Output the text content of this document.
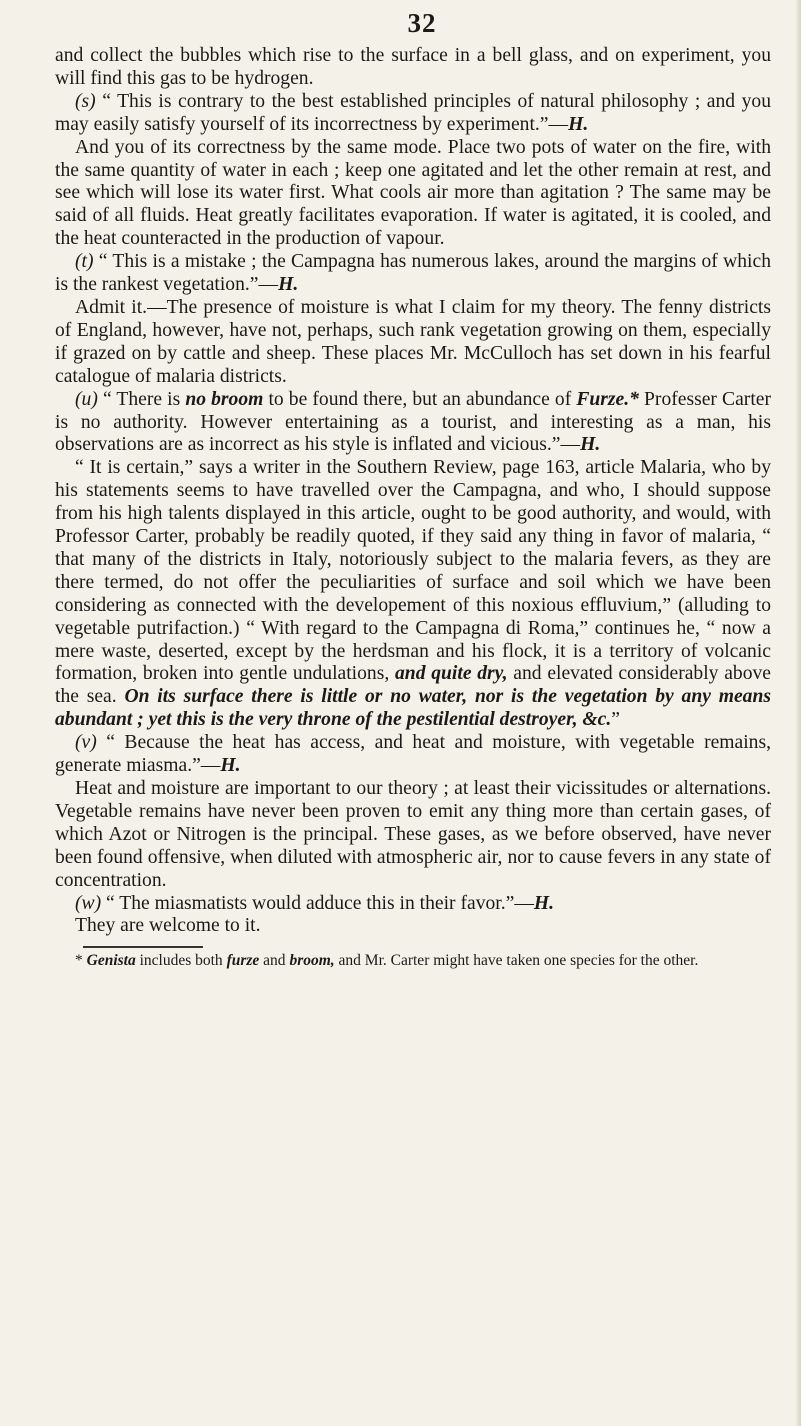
32

and collect the bubbles which rise to the surface in a bell glass, and on experiment, you will find this gas to be hydrogen.

(s) “ This is contrary to the best established principles of natural philosophy ; and you may easily satisfy yourself of its incorrectness by experiment.”—H.

And you of its correctness by the same mode. Place two pots of water on the fire, with the same quantity of water in each ; keep one agitated and let the other remain at rest, and see which will lose its water first. What cools air more than agitation ? The same may be said of all fluids. Heat greatly facilitates evaporation. If water is agitated, it is cooled, and the heat counteracted in the production of vapour.

(t) “ This is a mistake ; the Campagna has numerous lakes, around the margins of which is the rankest vegetation.”—H.

Admit it.—The presence of moisture is what I claim for my theory. The fenny districts of England, however, have not, perhaps, such rank vegetation growing on them, especially if grazed on by cattle and sheep. These places Mr. McCulloch has set down in his fearful catalogue of malaria districts.

(u) “ There is no broom to be found there, but an abundance of Furze.* Professer Carter is no authority. However entertaining as a tourist, and interesting as a man, his observations are as incorrect as his style is inflated and vicious.”—H.

“ It is certain,” says a writer in the Southern Review, page 163, article Malaria, who by his statements seems to have travelled over the Campagna, and who, I should suppose from his high talents displayed in this article, ought to be good authority, and would, with Professor Carter, probably be readily quoted, if they said any thing in favor of malaria, “ that many of the districts in Italy, notoriously subject to the malaria fevers, as they are there termed, do not offer the peculiarities of surface and soil which we have been considering as connected with the developement of this noxious effluvium,” (alluding to vegetable putrifaction.) “ With regard to the Campagna di Roma,” continues he, “ now a mere waste, deserted, except by the herdsman and his flock, it is a territory of volcanic formation, broken into gentle undulations, and quite dry, and elevated considerably above the sea. On its surface there is little or no water, nor is the vegetation by any means abundant ; yet this is the very throne of the pestilential destroyer, &c.”

(v) “ Because the heat has access, and heat and moisture, with vegetable remains, generate miasma.”—H.

Heat and moisture are important to our theory ; at least their vicissitudes or alternations. Vegetable remains have never been proven to emit any thing more than certain gases, of which Azot or Nitrogen is the principal. These gases, as we before observed, have never been found offensive, when diluted with atmospheric air, nor to cause fevers in any state of concentration.

(w) “ The miasmatists would adduce this in their favor.”—H.

They are welcome to it.

* Genista includes both furze and broom, and Mr. Carter might have taken one species for the other.
